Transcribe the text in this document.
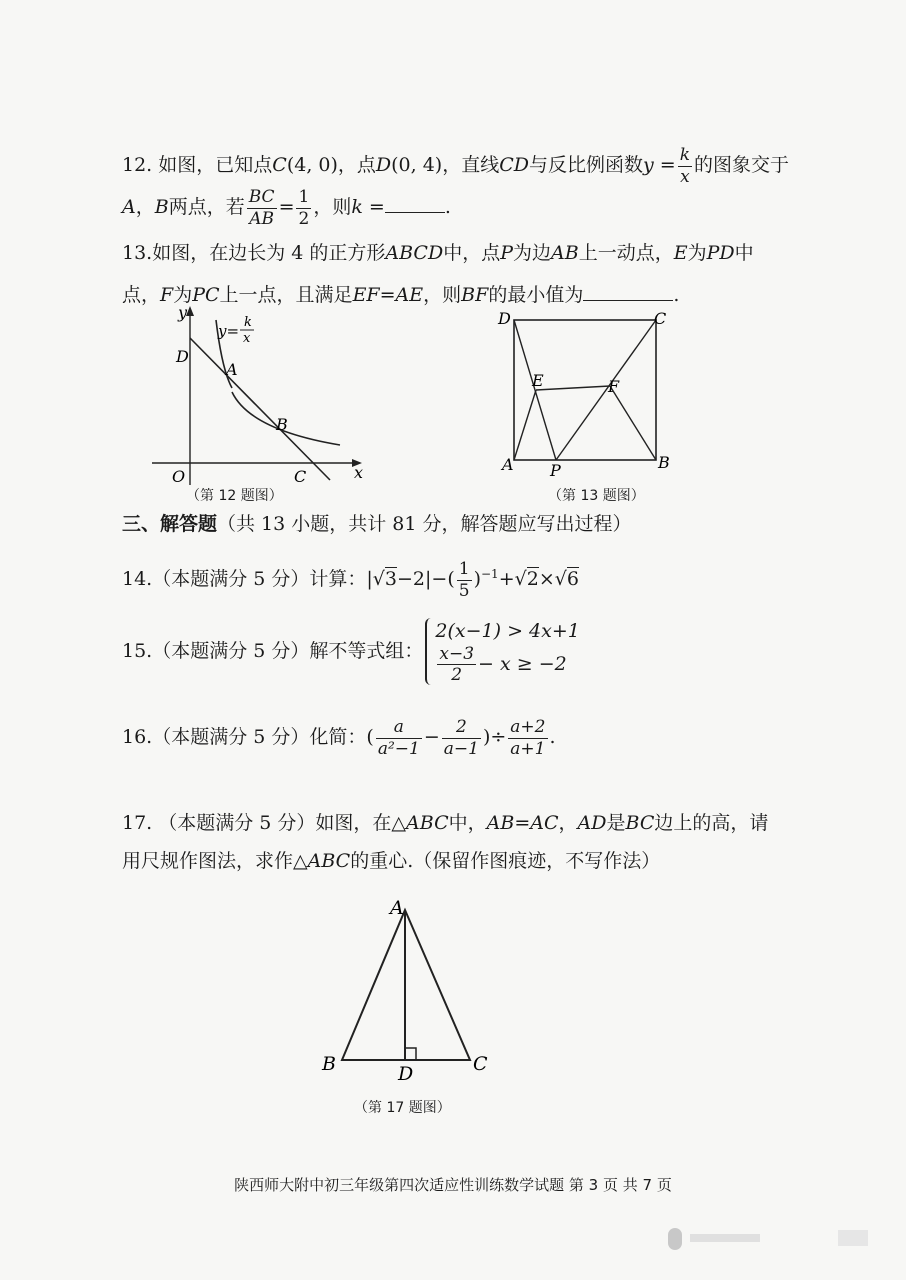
12. 如图，已知点C(4, 0)，点D(0, 4)，直线CD与反比例函数$y = \frac{k}{x}$ 的图象交于
A，B两点，若 $\frac{BC}{AB} = \frac{1}{2}$ ，则k =	.
13.如图，在边长为 4 的正方形ABCD中，点P为边AB上一动点，E为PD中
点，F为PC上一点，且满足EF=AE，则BF的最小值为	.
y
D
A
B
O	C	x
y= k
x
（第 12 题图）
D	C
E	F
A P	B
（第 13 题图）
三、解答题（共 13 小题，共计 81 分，解答题应写出过程）
14.（本题满分 5 分）计算：$|√3-2|-( \frac{1}{5} )^{-1}+√2\times√6$
15.（本题满分 5 分）解不等式组：
2(x−1) > 4x+1
$\frac{x-3}{2} - x \ge -2$
16.（本题满分 5 分）化简：( $\frac{a}{\text{a²−1}} - \frac{2}{a-1}$ )÷ $\frac{a+2}{a+1}$ .
17. （本题满分 5 分）如图，在△ABC中，AB=AC，AD是BC边上的高，请
用尺规作图法，求作△ABC的重心.（保留作图痕迹，不写作法）
A
B	D	C
（第 17 题图）
陕西师大附中初三年级第四次适应性训练数学试题 第 3 页 共 7 页
